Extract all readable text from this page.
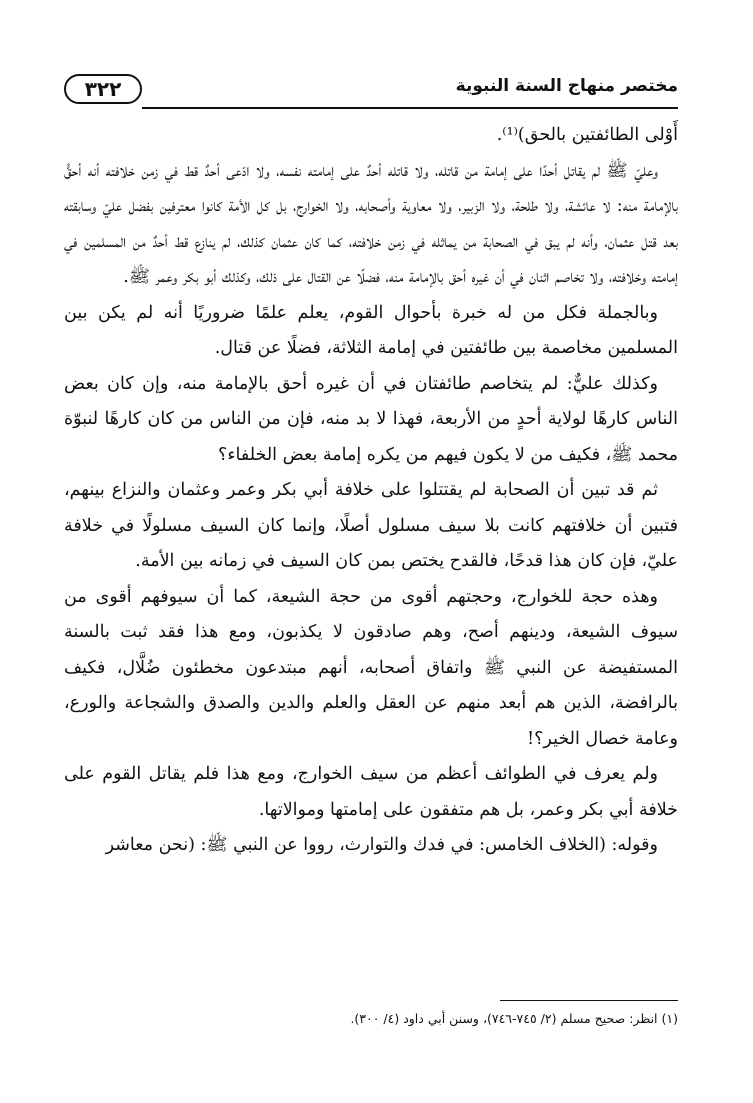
٣٢٢	مختصر منهاج السنة النبوية

أَوْلى الطائفتين بالحق)⁽¹⁾.

وعليّ ﷺ لم يقاتل أحدًا على إمامة من قاتله، ولا قاتله أحدٌ على إمامته نفسه، ولا ادّعى أحدٌ قط في زمن خلافته أنه أحقُّ بالإمامة منه: لا عائشة، ولا طلحة، ولا الزبير، ولا معاوية وأصحابه، ولا الخوارج، بل كل الأمة كانوا معترفين بفضل عليّ وسابقته بعد قتل عثمان، وأنه لم يبق في الصحابة من يماثله في زمن خلافته، كما كان عثمان كذلك، لم ينازع قط أحدٌ من المسلمين في إمامته وخلافته، ولا تخاصم اثنان في أن غيره أحق بالإمامة منه، فضلًا عن القتال على ذلك، وكذلك أبو بكر وعمر ﷺ.

وبالجملة فكل من له خبرة بأحوال القوم، يعلم علمًا ضروريًا أنه لم يكن بين المسلمين مخاصمة بين طائفتين في إمامة الثلاثة، فضلًا عن قتال.

وكذلك عليٌّ: لم يتخاصم طائفتان في أن غيره أحق بالإمامة منه، وإن كان بعض الناس كارهًا لولاية أحدٍ من الأربعة، فهذا لا بد منه، فإن من الناس من كان كارهًا لنبوّة محمد ﷺ، فكيف من لا يكون فيهم من يكره إمامة بعض الخلفاء؟

ثم قد تبين أن الصحابة لم يقتتلوا على خلافة أبي بكر وعمر وعثمان والنزاع بينهم، فتبين أن خلافتهم كانت بلا سيف مسلول أصلًا، وإنما كان السيف مسلولًا في خلافة عليّ، فإن كان هذا قدحًا، فالقدح يختص بمن كان السيف في زمانه بين الأمة.

وهذه حجة للخوارج، وحجتهم أقوى من حجة الشيعة، كما أن سيوفهم أقوى من سيوف الشيعة، ودينهم أصح، وهم صادقون لا يكذبون، ومع هذا فقد ثبت بالسنة المستفيضة عن النبي ﷺ واتفاق أصحابه، أنهم مبتدعون مخطئون ضُلَّال، فكيف بالرافضة، الذين هم أبعد منهم عن العقل والعلم والدين والصدق والشجاعة والورع، وعامة خصال الخير؟!

ولم يعرف في الطوائف أعظم من سيف الخوارج، ومع هذا فلم يقاتل القوم على خلافة أبي بكر وعمر، بل هم متفقون على إمامتها وموالاتها.

وقوله: (الخلاف الخامس: في فدك والتوارث، رووا عن النبي ﷺ: (نحن معاشر

(١) انظر: صحيح مسلم (٢/ ٧٤٥-٧٤٦)، وسنن أبي داود (٤/ ٣٠٠).
